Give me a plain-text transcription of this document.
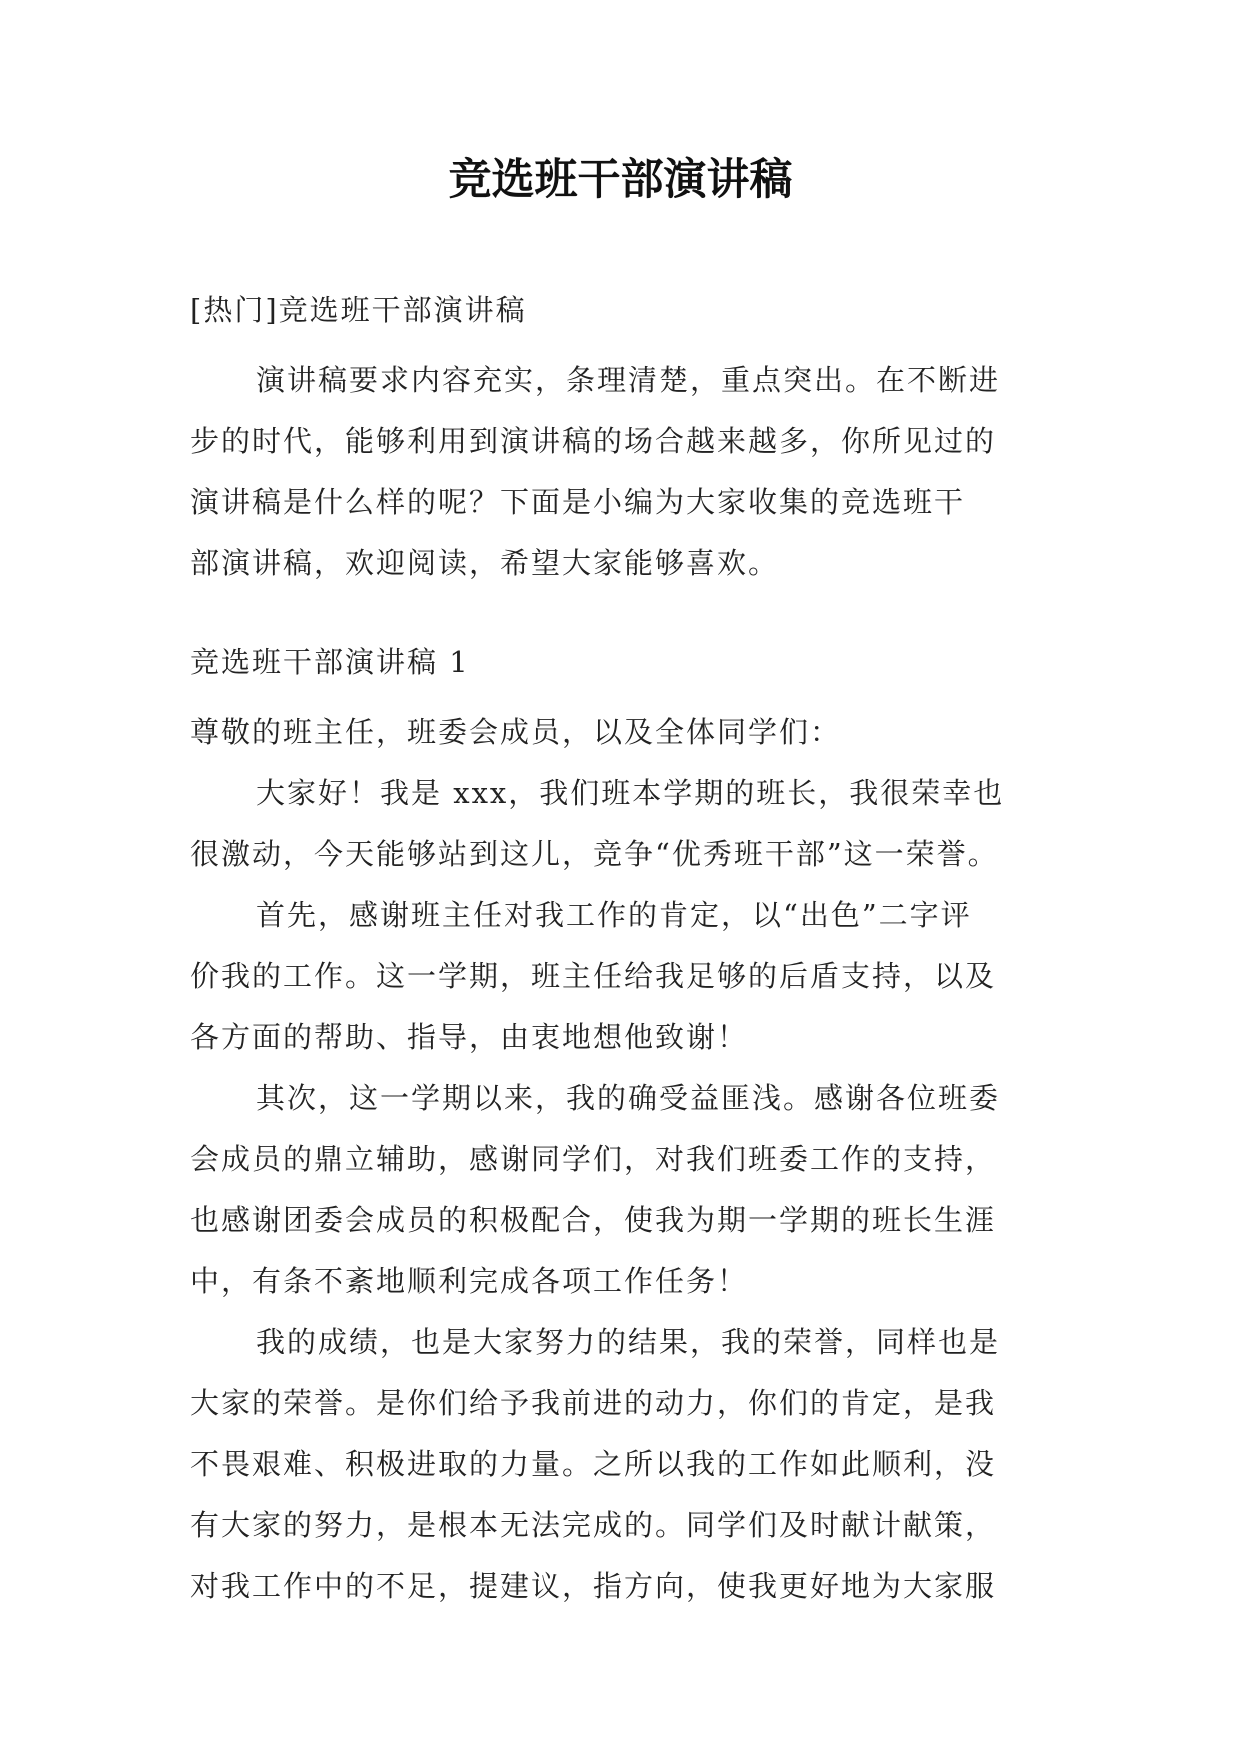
竞选班干部演讲稿
[热门]竞选班干部演讲稿
演讲稿要求内容充实，条理清楚，重点突出。在不断进
步的时代，能够利用到演讲稿的场合越来越多，你所见过的
演讲稿是什么样的呢？下面是小编为大家收集的竞选班干
部演讲稿，欢迎阅读，希望大家能够喜欢。
竞选班干部演讲稿 1
尊敬的班主任，班委会成员，以及全体同学们：
大家好！我是 xxx，我们班本学期的班长，我很荣幸也
很激动，今天能够站到这儿，竞争“优秀班干部”这一荣誉。
首先，感谢班主任对我工作的肯定，以“出色”二字评
价我的工作。这一学期，班主任给我足够的后盾支持，以及
各方面的帮助、指导，由衷地想他致谢！
其次，这一学期以来，我的确受益匪浅。感谢各位班委
会成员的鼎立辅助，感谢同学们，对我们班委工作的支持，
也感谢团委会成员的积极配合，使我为期一学期的班长生涯
中，有条不紊地顺利完成各项工作任务！
我的成绩，也是大家努力的结果，我的荣誉，同样也是
大家的荣誉。是你们给予我前进的动力，你们的肯定，是我
不畏艰难、积极进取的力量。之所以我的工作如此顺利，没
有大家的努力，是根本无法完成的。同学们及时献计献策，
对我工作中的不足，提建议，指方向，使我更好地为大家服
